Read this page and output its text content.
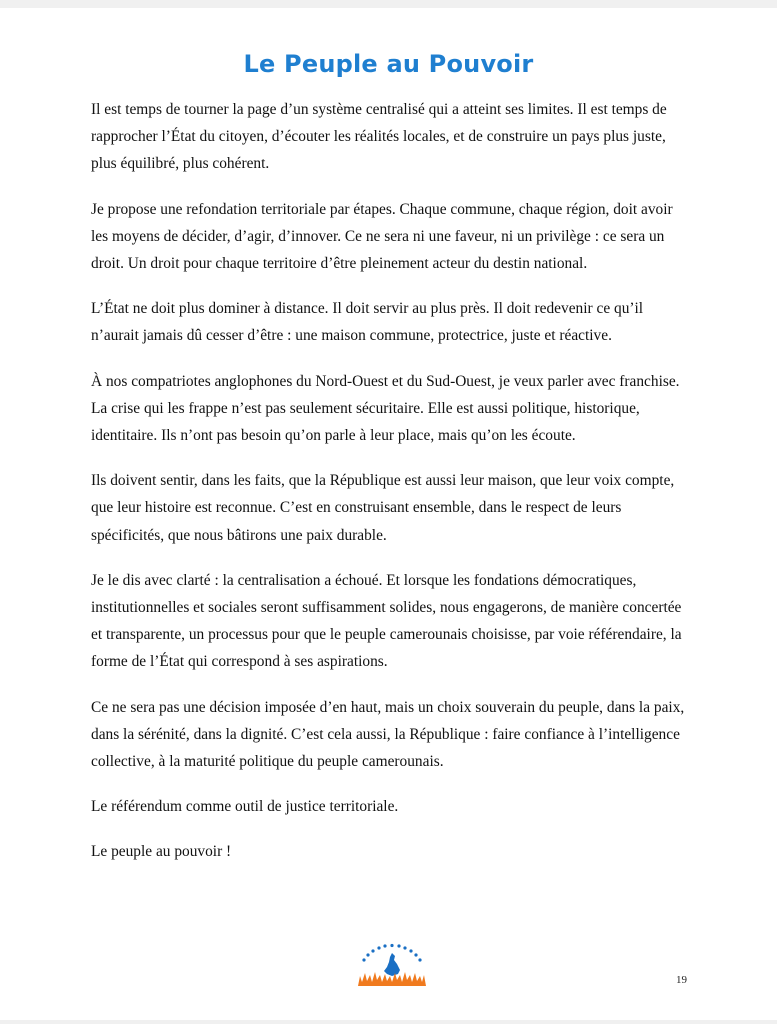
Le Peuple au Pouvoir

Il est temps de tourner la page d’un système centralisé qui a atteint ses limites. Il est temps de rapprocher l’État du citoyen, d’écouter les réalités locales, et de construire un pays plus juste, plus équilibré, plus cohérent.

Je propose une refondation territoriale par étapes. Chaque commune, chaque région, doit avoir les moyens de décider, d’agir, d’innover. Ce ne sera ni une faveur, ni un privilège : ce sera un droit. Un droit pour chaque territoire d’être pleinement acteur du destin national.

L’État ne doit plus dominer à distance. Il doit servir au plus près. Il doit redevenir ce qu’il n’aurait jamais dû cesser d’être : une maison commune, protectrice, juste et réactive.

À nos compatriotes anglophones du Nord-Ouest et du Sud-Ouest, je veux parler avec franchise. La crise qui les frappe n’est pas seulement sécuritaire. Elle est aussi politique, historique, identitaire. Ils n’ont pas besoin qu’on parle à leur place, mais qu’on les écoute.

Ils doivent sentir, dans les faits, que la République est aussi leur maison, que leur voix compte, que leur histoire est reconnue. C’est en construisant ensemble, dans le respect de leurs spécificités, que nous bâtirons une paix durable.

Je le dis avec clarté : la centralisation a échoué. Et lorsque les fondations démocratiques, institutionnelles et sociales seront suffisamment solides, nous engagerons, de manière concertée et transparente, un processus pour que le peuple camerounais choisisse, par voie référendaire, la forme de l’État qui correspond à ses aspirations.

Ce ne sera pas une décision imposée d’en haut, mais un choix souverain du peuple, dans la paix, dans la sérénité, dans la dignité. C’est cela aussi, la République : faire confiance à l’intelligence collective, à la maturité politique du peuple camerounais.

Le référendum comme outil de justice territoriale.

Le peuple au pouvoir !

19
